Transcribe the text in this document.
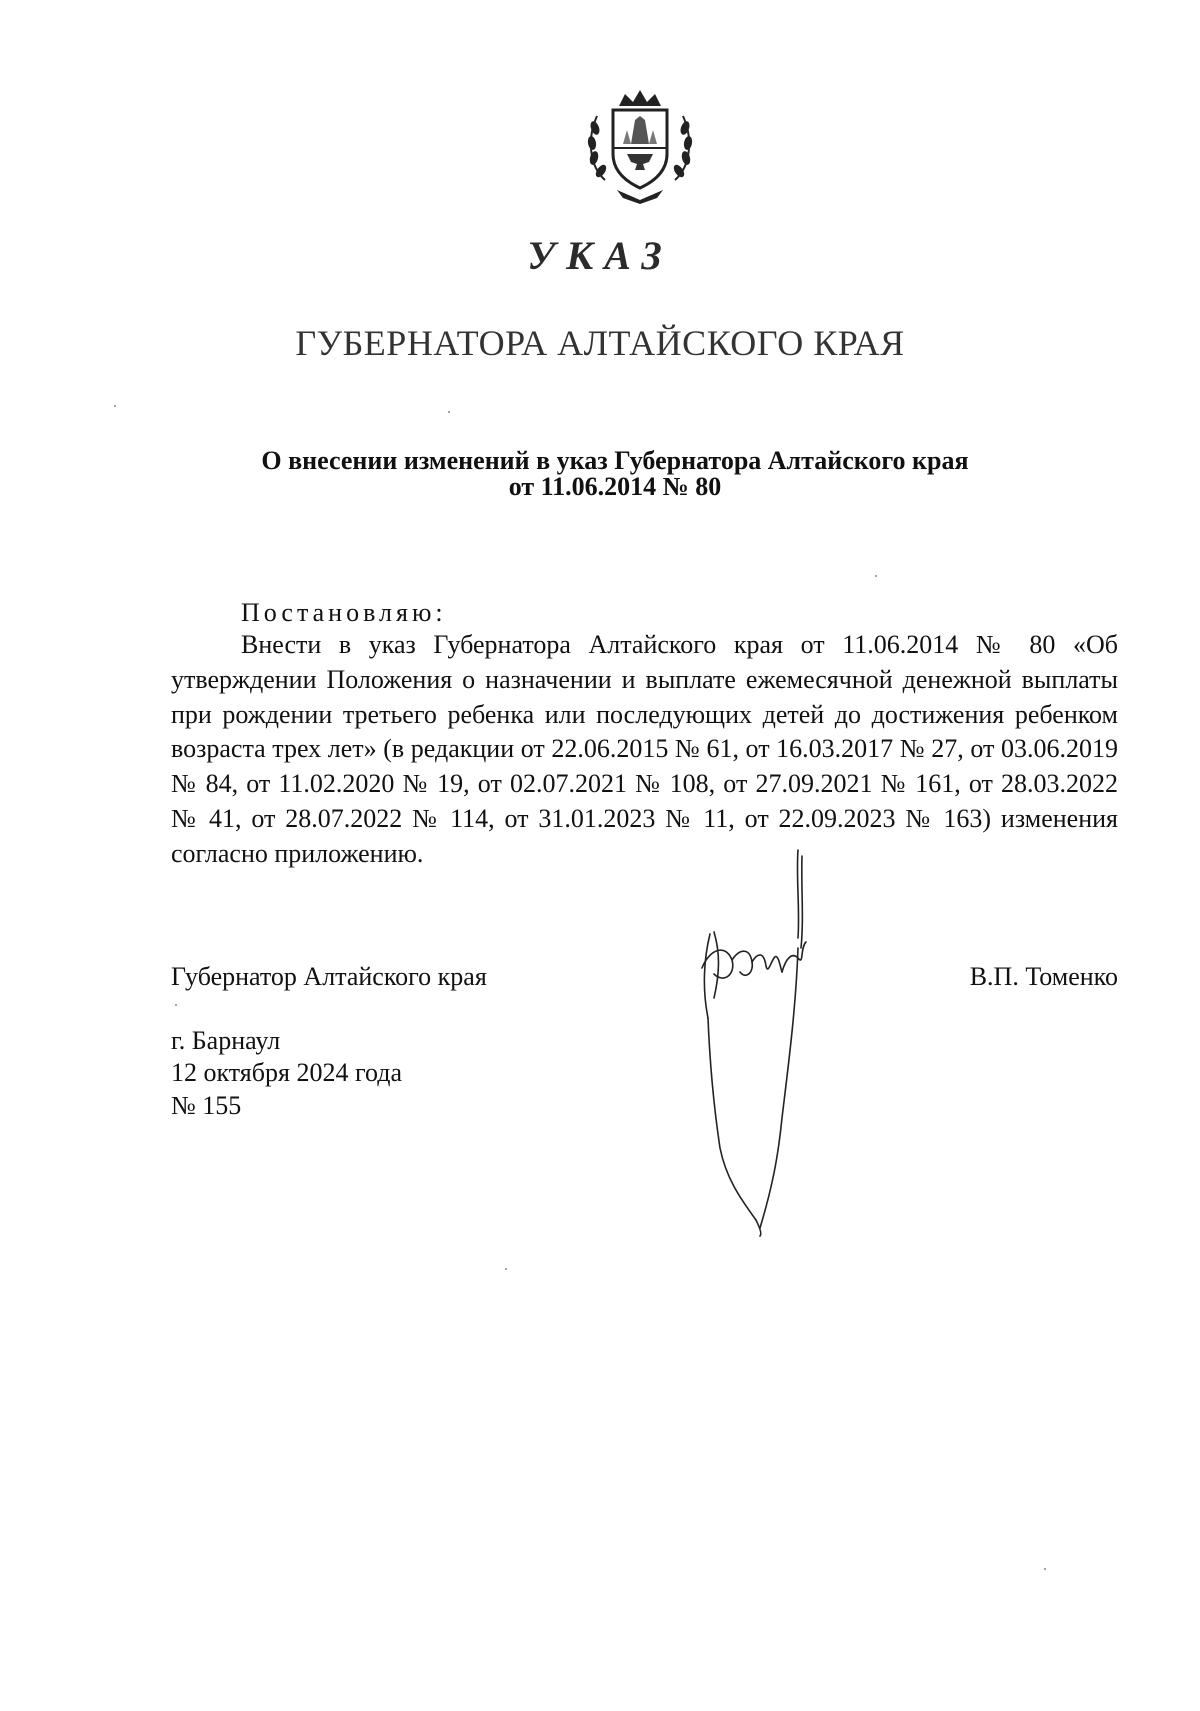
УКАЗ
ГУБЕРНАТОРА АЛТАЙСКОГО КРАЯ
О внесении изменений в указ Губернатора Алтайского края
от 11.06.2014 № 80
Постановляю:

Внести в указ Губернатора Алтайского края от 11.06.2014 № 80 «Об утверждении Положения о назначении и выплате ежемесячной денежной выплаты при рождении третьего ребенка или последующих детей до достижения ребенком возраста трех лет» (в редакции от 22.06.2015 № 61, от 16.03.2017 № 27, от 03.06.2019 № 84, от 11.02.2020 № 19, от 02.07.2021 № 108, от 27.09.2021 № 161, от 28.03.2022 № 41, от 28.07.2022 № 114, от 31.01.2023 № 11, от 22.09.2023 № 163) изменения согласно приложению.

Губернатор Алтайского края	В.П. Томенко
г. Барнаул
12 октября 2024 года
№ 155
